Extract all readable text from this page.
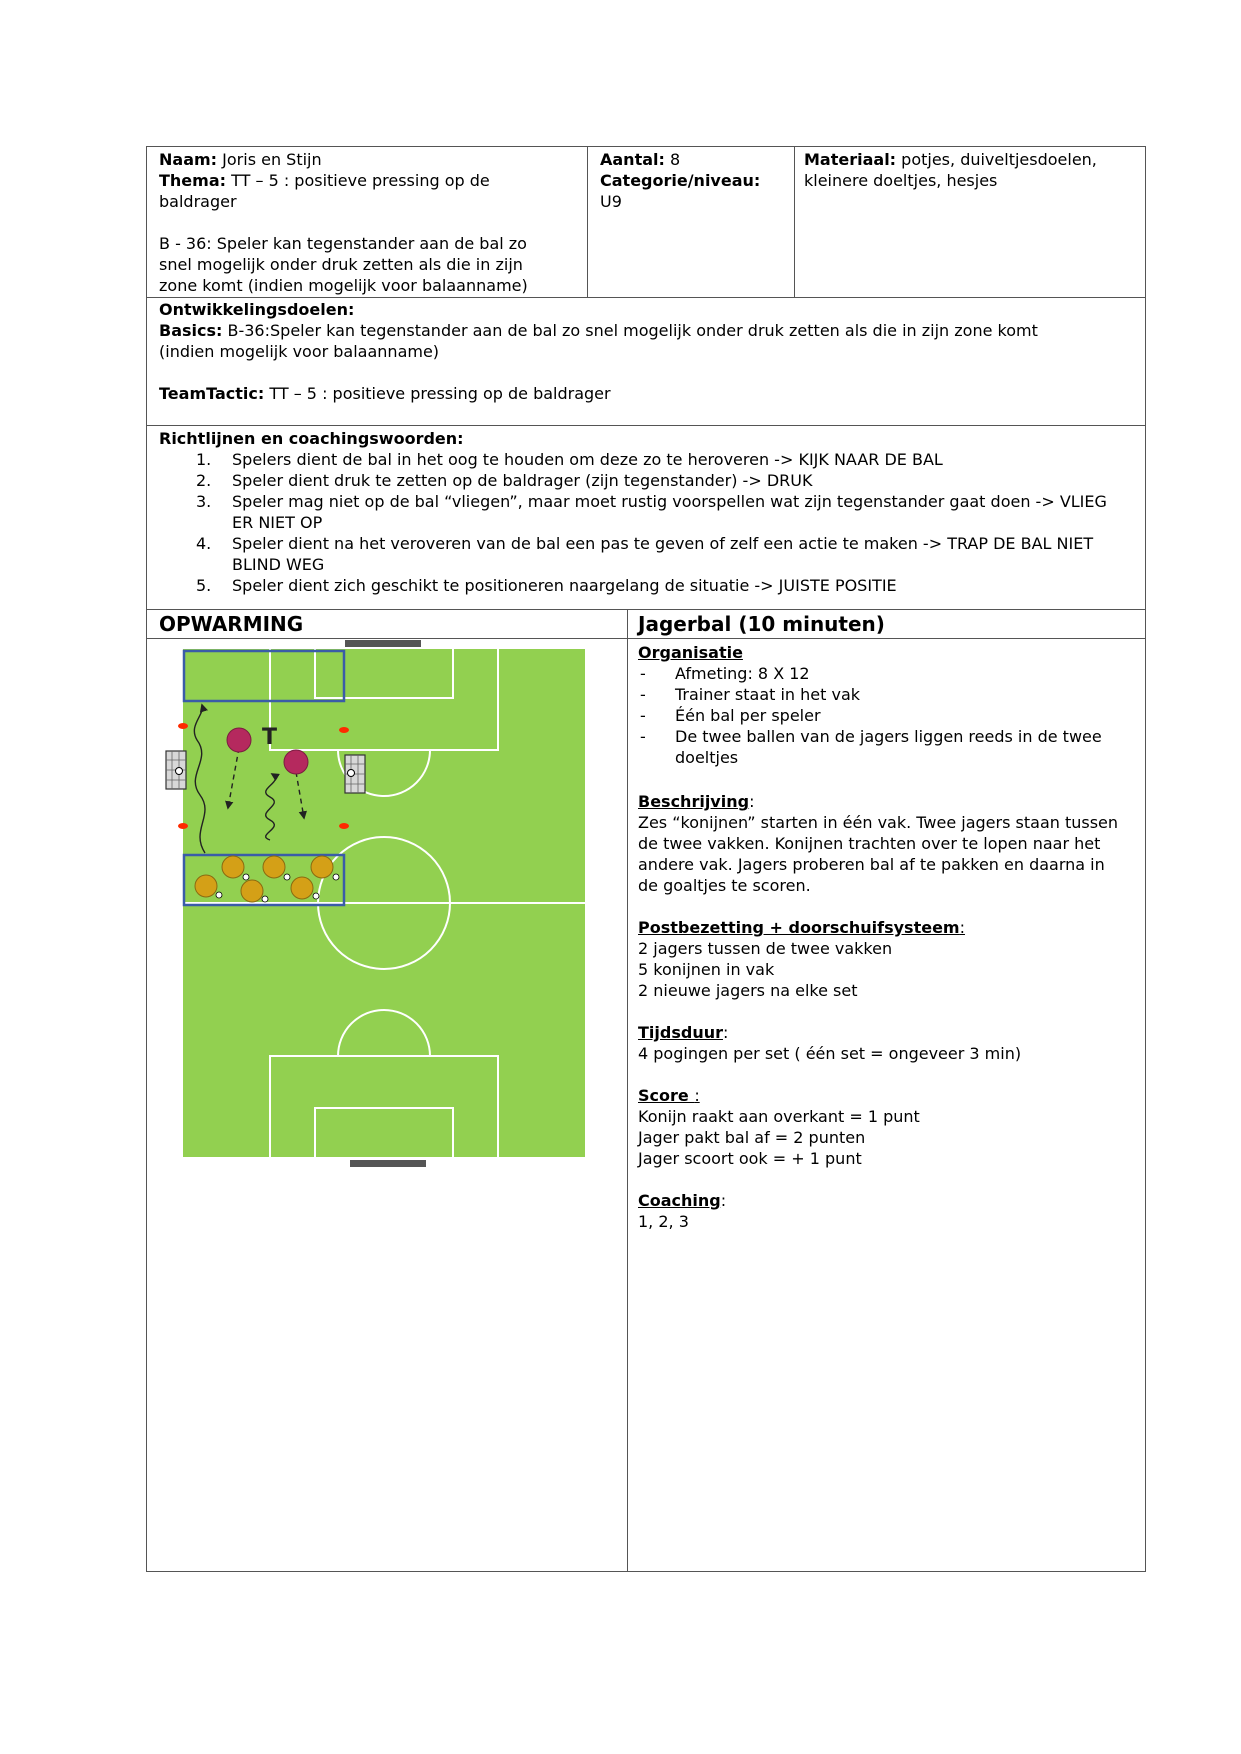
Naam: Joris en Stijn
Thema: TT – 5 : positieve pressing op de
baldrager
B - 36: Speler kan tegenstander aan de bal zo
snel mogelijk onder druk zetten als die in zijn
zone komt (indien mogelijk voor balaanname)
Aantal: 8
Categorie/niveau:
U9
Materiaal: potjes, duiveltjesdoelen,
kleinere doeltjes, hesjes
Ontwikkelingsdoelen:
Basics: B-36:Speler kan tegenstander aan de bal zo snel mogelijk onder druk zetten als die in zijn zone komt
(indien mogelijk voor balaanname)
TeamTactic: TT – 5 : positieve pressing op de baldrager
Richtlijnen en coachingswoorden:
1. Spelers dient de bal in het oog te houden om deze zo te heroveren -> KIJK NAAR DE BAL
2. Speler dient druk te zetten op de baldrager (zijn tegenstander) -> DRUK
3. Speler mag niet op de bal “vliegen”, maar moet rustig voorspellen wat zijn tegenstander gaat doen -> VLIEG
ER NIET OP
4. Speler dient na het veroveren van de bal een pas te geven of zelf een actie te maken -> TRAP DE BAL NIET
BLIND WEG
5. Speler dient zich geschikt te positioneren naargelang de situatie -> JUISTE POSITIE
OPWARMING	Jagerbal (10 minuten)
T
Organisatie
- Afmeting: 8 X 12
- Trainer staat in het vak
- Één bal per speler
- De twee ballen van de jagers liggen reeds in de twee
doeltjes
Beschrijving:
Zes “konijnen” starten in één vak. Twee jagers staan tussen
de twee vakken. Konijnen trachten over te lopen naar het
andere vak. Jagers proberen bal af te pakken en daarna in
de goaltjes te scoren.
Postbezetting + doorschuifsysteem:
2 jagers tussen de twee vakken
5 konijnen in vak
2 nieuwe jagers na elke set
Tijdsduur:
4 pogingen per set ( één set = ongeveer 3 min)
Score :
Konijn raakt aan overkant = 1 punt
Jager pakt bal af = 2 punten
Jager scoort ook = + 1 punt
Coaching:
1, 2, 3
